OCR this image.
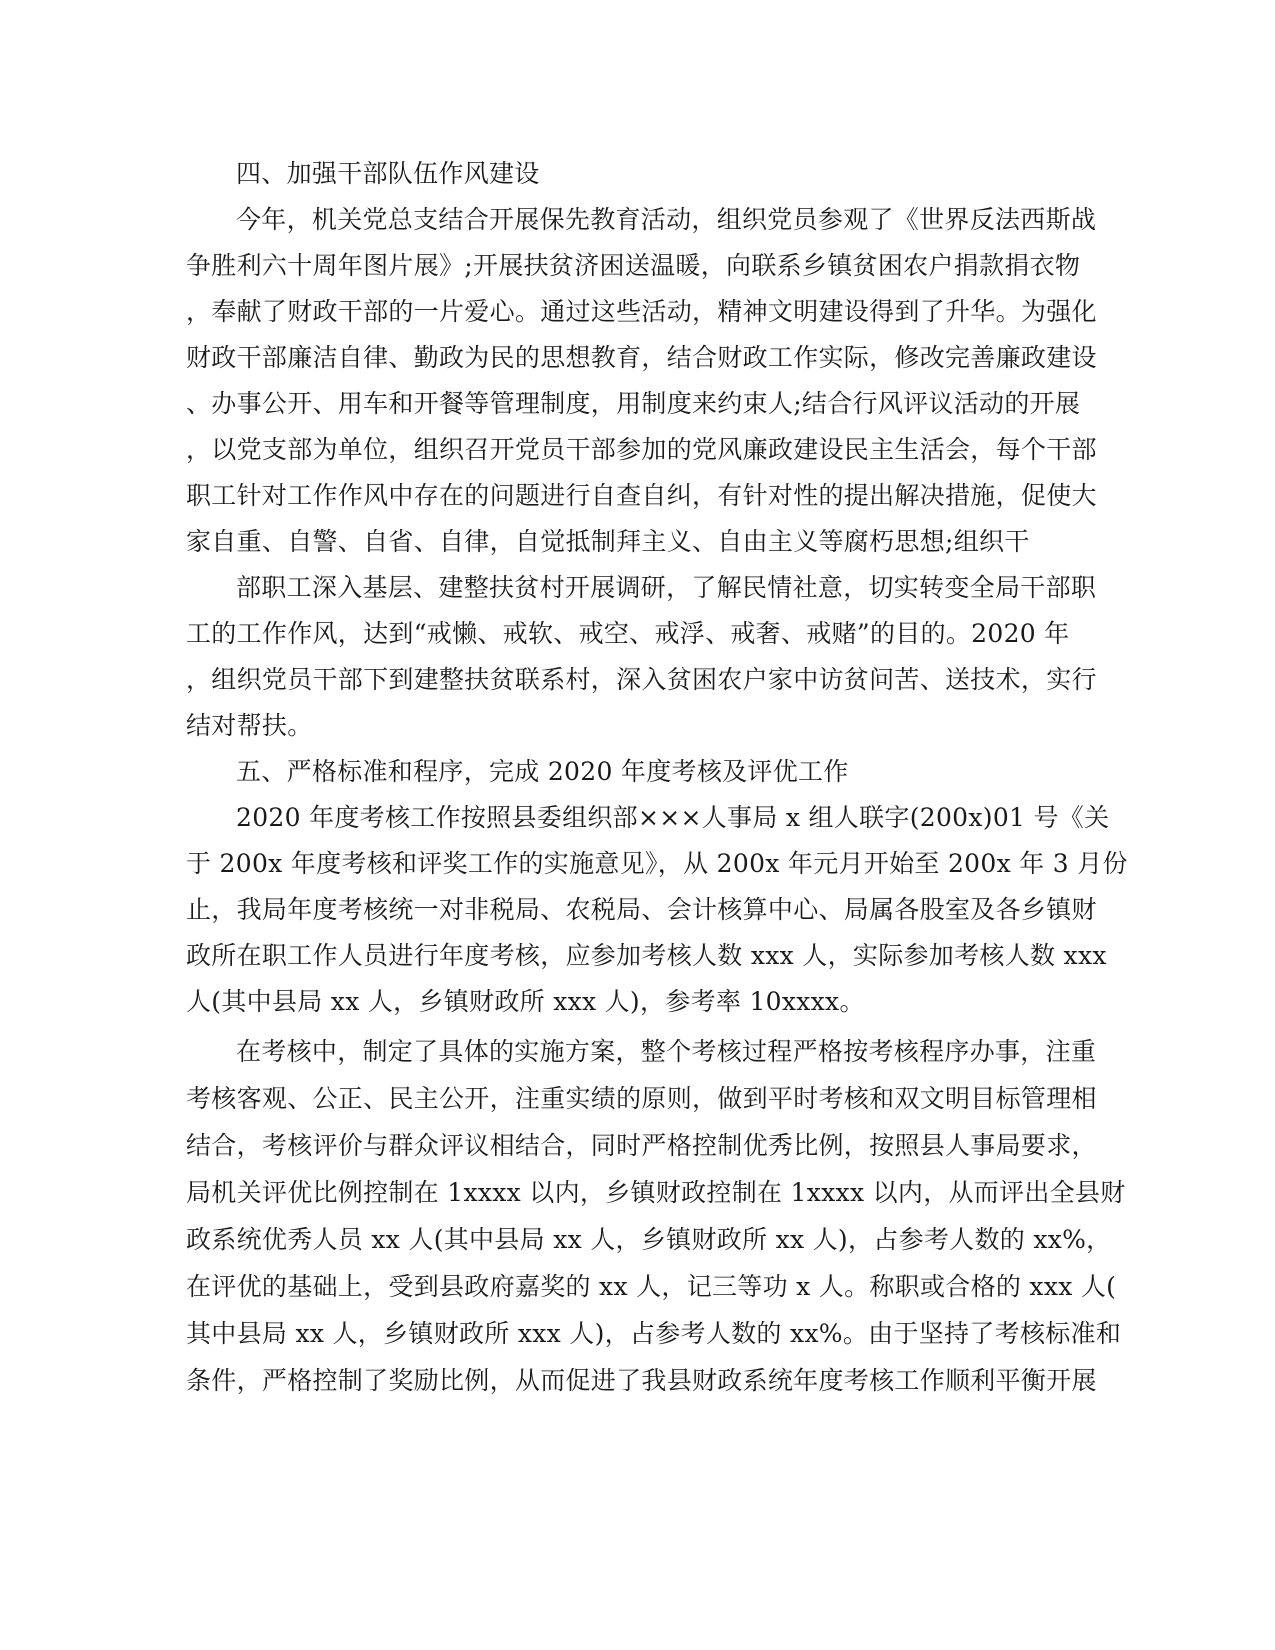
四、加强干部队伍作风建设
今年，机关党总支结合开展保先教育活动，组织党员参观了《世界反法西斯战
争胜利六十周年图片展》;开展扶贫济困送温暖，向联系乡镇贫困农户捐款捐衣物
，奉献了财政干部的一片爱心。通过这些活动，精神文明建设得到了升华。为强化
财政干部廉洁自律、勤政为民的思想教育，结合财政工作实际，修改完善廉政建设
、办事公开、用车和开餐等管理制度，用制度来约束人;结合行风评议活动的开展
，以党支部为单位，组织召开党员干部参加的党风廉政建设民主生活会，每个干部
职工针对工作作风中存在的问题进行自查自纠，有针对性的提出解决措施，促使大
家自重、自警、自省、自律，自觉抵制拜主义、自由主义等腐朽思想;组织干
部职工深入基层、建整扶贫村开展调研，了解民情社意，切实转变全局干部职
工的工作作风，达到“戒懒、戒软、戒空、戒浮、戒奢、戒赌”的目的。2020 年
，组织党员干部下到建整扶贫联系村，深入贫困农户家中访贫问苦、送技术，实行
结对帮扶。
五、严格标准和程序，完成 2020 年度考核及评优工作
2020 年度考核工作按照县委组织部×××人事局 x 组人联字(200x)01 号《关
于 200x 年度考核和评奖工作的实施意见》，从 200x 年元月开始至 200x 年 3 月份
止，我局年度考核统一对非税局、农税局、会计核算中心、局属各股室及各乡镇财
政所在职工作人员进行年度考核，应参加考核人数 xxx 人，实际参加考核人数 xxx
人(其中县局 xx 人，乡镇财政所 xxx 人)，参考率 10xxxx。
在考核中，制定了具体的实施方案，整个考核过程严格按考核程序办事，注重
考核客观、公正、民主公开，注重实绩的原则，做到平时考核和双文明目标管理相
结合，考核评价与群众评议相结合，同时严格控制优秀比例，按照县人事局要求，
局机关评优比例控制在 1xxxx 以内，乡镇财政控制在 1xxxx 以内，从而评出全县财
政系统优秀人员 xx 人(其中县局 xx 人，乡镇财政所 xx 人)，占参考人数的 xx%，
在评优的基础上，受到县政府嘉奖的 xx 人，记三等功 x 人。称职或合格的 xxx 人(
其中县局 xx 人，乡镇财政所 xxx 人)，占参考人数的 xx%。由于坚持了考核标准和
条件，严格控制了奖励比例，从而促进了我县财政系统年度考核工作顺利平衡开展
